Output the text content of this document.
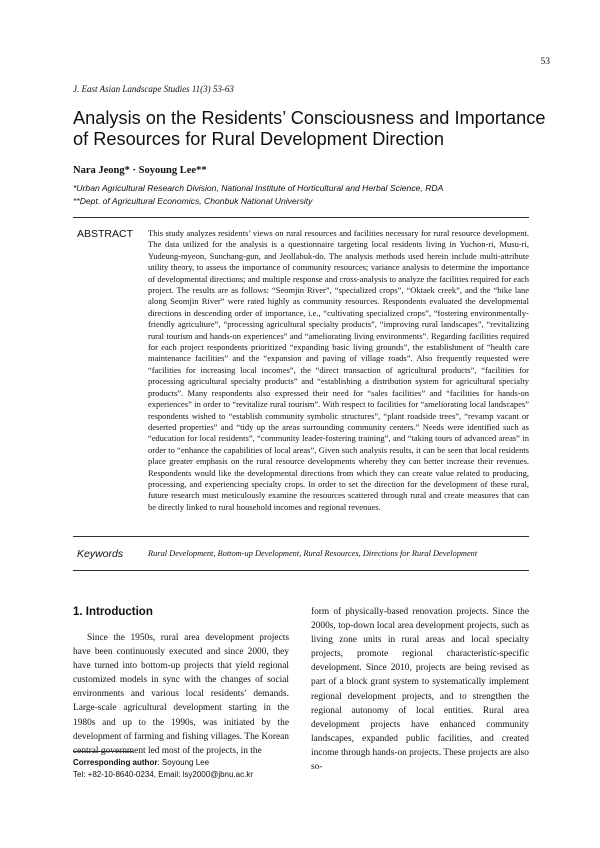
53
J. East Asian Landscape Studies 11(3) 53-63
Analysis on the Residents’ Consciousness and Importance of Resources for Rural Development Direction
Nara Jeong* · Soyoung Lee**
*Urban Agricultural Research Division, National Institute of Horticultural and Herbal Science, RDA
**Dept. of Agricultural Economics, Chonbuk National University
ABSTRACT This study analyzes residents’ views on rural resources and facilities necessary for rural resource development. The data utilized for the analysis is a questionnaire targeting local residents living in Yuchon-ri, Musu-ri, Yudeung-myeon, Sunchang-gun, and Jeollabuk-do. The analysis methods used herein include multi-attribute utility theory, to assess the importance of community resources; variance analysis to determine the importance of developmental directions; and multiple response and cross-analysis to analyze the facilities required for each project. The results are as follows: “Seomjin River”, “specialized crops”, “Oktaek creek”, and the “bike lane along Seomjin River” were rated highly as community resources. Respondents evaluated the developmental directions in descending order of importance, i.e., “cultivating specialized crops”, “fostering environmentally-friendly agriculture”, “processing agricultural specialty products”, “improving rural landscapes”, “revitalizing rural tourism and hands-on experiences” and “ameliorating living environments”. Regarding facilities required for each project respondents prioritized “expanding basic living grounds”, the establishment of “health care maintenance facilities” and the “expansion and paving of village roads”. Also frequently requested were “facilities for increasing local incomes”, the “direct transaction of agricultural products”, “facilities for processing agricultural specialty products” and “establishing a distribution system for agricultural specialty products”. Many respondents also expressed their need for “sales facilities” and “facilities for hands-on experiences” in order to “revitalize rural tourism”. With respect to facilities for “ameliorating local landscapes” respondents wished to “establish community symbolic structures”, “plant roadside trees”, “revamp vacant or deserted properties” and “tidy up the areas surrounding community centers.” Needs were identified such as “education for local residents”, “community leader-fostering training”, and “taking tours of advanced areas” in order to “enhance the capabilities of local areas”, Given such analysis results, it can be seen that local residents place greater emphasis on the rural resource developments whereby they can better increase their revenues. Respondents would like the developmental directions from which they can create value related to producing, processing, and experiencing specialty crops. In order to set the direction for the development of these rural, future research must meticulously examine the resources scattered through rural and create measures that can be directly linked to rural household incomes and regional revenues.
Keywords	Rural Development, Bottom-up Development, Rural Resources, Directions for Rural Development
1. Introduction
Since the 1950s, rural area development projects have been continuously executed and since 2000, they have turned into bottom-up projects that yield regional customized models in sync with the changes of social environments and various local residents’ demands. Large-scale agricultural development starting in the 1980s and up to the 1990s, was initiated by the development of farming and fishing villages. The Korean central government led most of the projects, in the
form of physically-based renovation projects. Since the 2000s, top-down local area development projects, such as living zone units in rural areas and local specialty projects, promote regional characteristic-specific development. Since 2010, projects are being revised as part of a block grant system to systematically implement regional development projects, and to strengthen the regional autonomy of local entities. Rural area development projects have enhanced community landscapes, expanded public facilities, and created income through hands-on projects. These projects are also so-
Corresponding author: Soyoung Lee
Tel: +82-10-8640-0234, Email: lsy2000@jbnu.ac.kr
